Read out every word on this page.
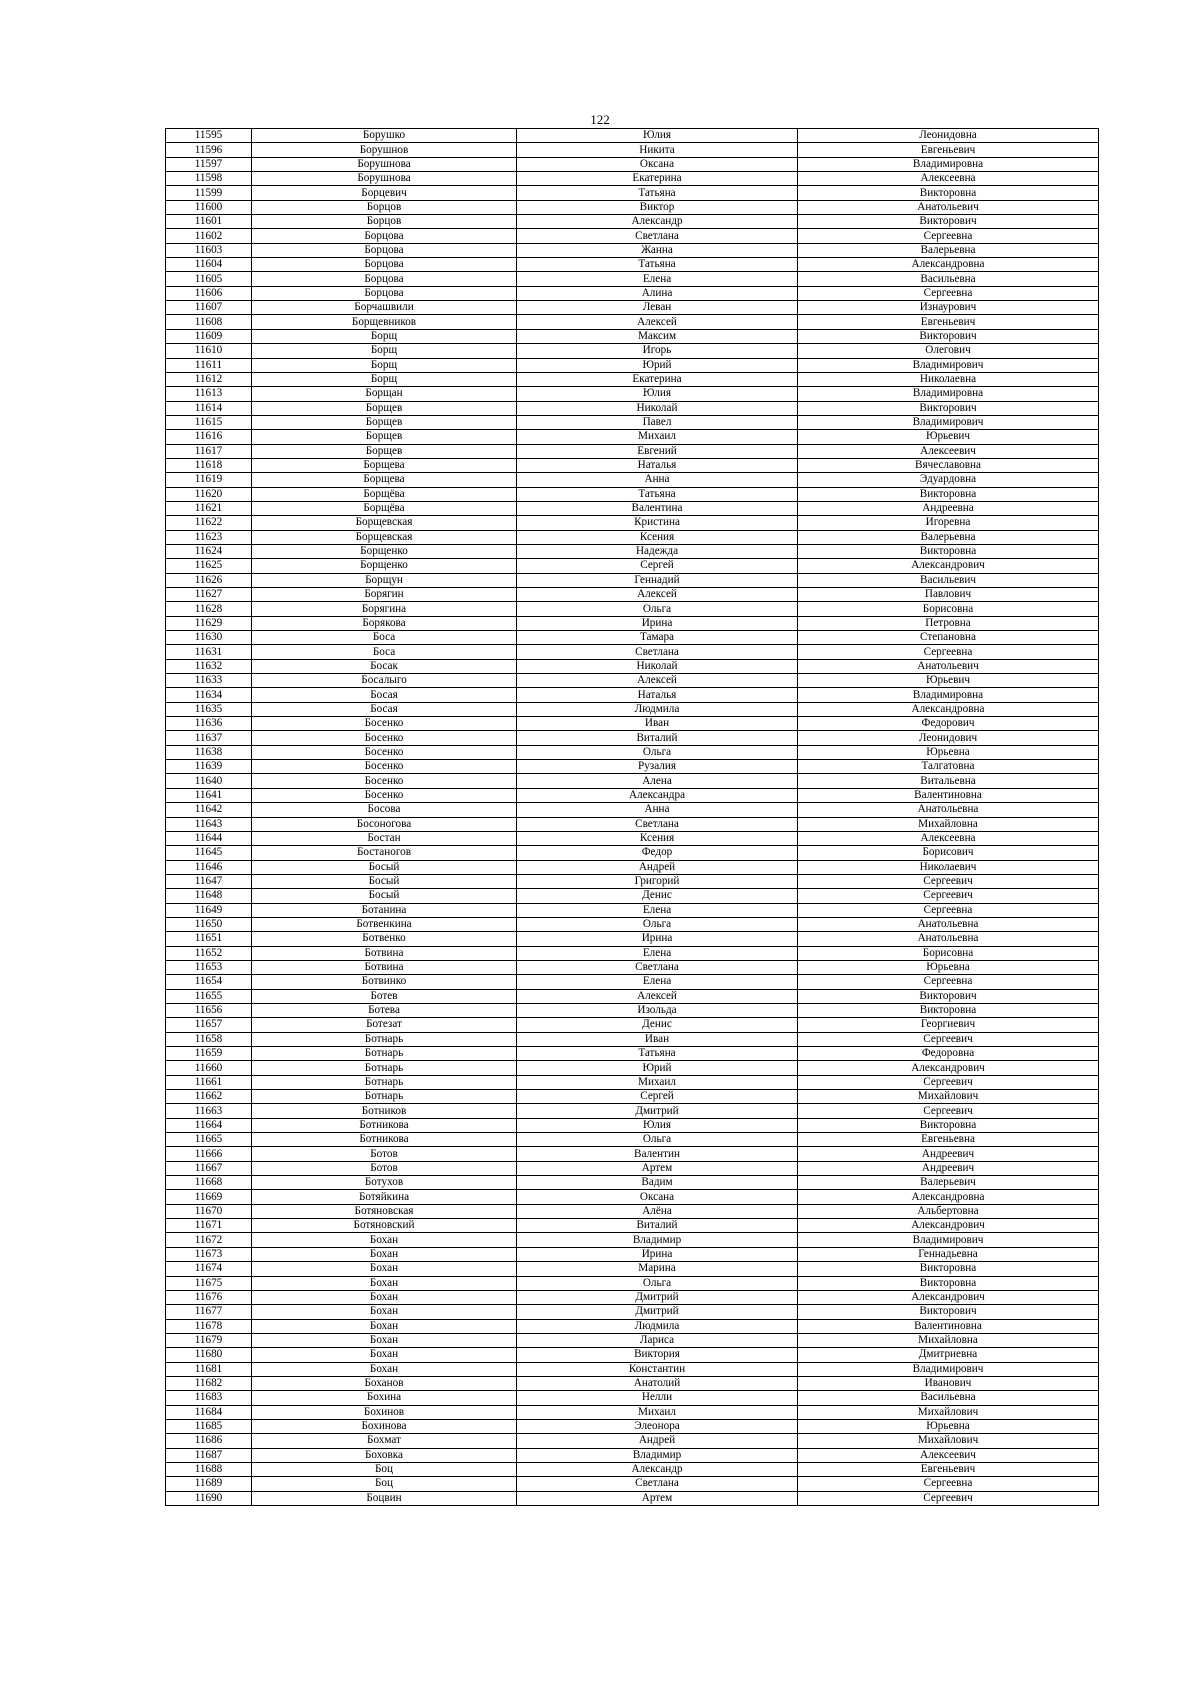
122
11595	Борушко	Юлия	Леонидовна
11596	Борушнов	Никита	Евгеньевич
11597	Борушнова	Оксана	Владимировна
11598	Борушнова	Екатерина	Алексеевна
11599	Борцевич	Татьяна	Викторовна
11600	Борцов	Виктор	Анатольевич
11601	Борцов	Александр	Викторович
11602	Борцова	Светлана	Сергеевна
11603	Борцова	Жанна	Валерьевна
11604	Борцова	Татьяна	Александровна
11605	Борцова	Елена	Васильевна
11606	Борцова	Алина	Сергеевна
11607	Борчашвили	Леван	Изнаурович
11608	Борщевников	Алексей	Евгеньевич
11609	Борщ	Максим	Викторович
11610	Борщ	Игорь	Олегович
11611	Борщ	Юрий	Владимирович
11612	Борщ	Екатерина	Николаевна
11613	Борщан	Юлия	Владимировна
11614	Борщев	Николай	Викторович
11615	Борщев	Павел	Владимирович
11616	Борщев	Михаил	Юрьевич
11617	Борщев	Евгений	Алексеевич
11618	Борщева	Наталья	Вячеславовна
11619	Борщева	Анна	Эдуардовна
11620	Борщёва	Татьяна	Викторовна
11621	Борщёва	Валентина	Андреевна
11622	Борщевская	Кристина	Игоревна
11623	Борщевская	Ксения	Валерьевна
11624	Борщенко	Надежда	Викторовна
11625	Борщенко	Сергей	Александрович
11626	Борщун	Геннадий	Васильевич
11627	Борягин	Алексей	Павлович
11628	Борягина	Ольга	Борисовна
11629	Борякова	Ирина	Петровна
11630	Боса	Тамара	Степановна
11631	Боса	Светлана	Сергеевна
11632	Босак	Николай	Анатольевич
11633	Босалыго	Алексей	Юрьевич
11634	Босая	Наталья	Владимировна
11635	Босая	Людмила	Александровна
11636	Босенко	Иван	Федорович
11637	Босенко	Виталий	Леонидович
11638	Босенко	Ольга	Юрьевна
11639	Босенко	Рузалия	Талгатовна
11640	Босенко	Алена	Витальевна
11641	Босенко	Александра	Валентиновна
11642	Босова	Анна	Анатольевна
11643	Босоногова	Светлана	Михайловна
11644	Бостан	Ксения	Алексеевна
11645	Бостаногов	Федор	Борисович
11646	Босый	Андрей	Николаевич
11647	Босый	Григорий	Сергеевич
11648	Босый	Денис	Сергеевич
11649	Ботанина	Елена	Сергеевна
11650	Ботвенкина	Ольга	Анатольевна
11651	Ботвенко	Ирина	Анатольевна
11652	Ботвина	Елена	Борисовна
11653	Ботвина	Светлана	Юрьевна
11654	Ботвинко	Елена	Сергеевна
11655	Ботев	Алексей	Викторович
11656	Ботева	Изольда	Викторовна
11657	Ботезат	Денис	Георгиевич
11658	Ботнарь	Иван	Сергеевич
11659	Ботнарь	Татьяна	Федоровна
11660	Ботнарь	Юрий	Александрович
11661	Ботнарь	Михаил	Сергеевич
11662	Ботнарь	Сергей	Михайлович
11663	Ботников	Дмитрий	Сергеевич
11664	Ботникова	Юлия	Викторовна
11665	Ботникова	Ольга	Евгеньевна
11666	Ботов	Валентин	Андреевич
11667	Ботов	Артем	Андреевич
11668	Ботухов	Вадим	Валерьевич
11669	Ботяйкина	Оксана	Александровна
11670	Ботяновская	Алёна	Альбертовна
11671	Ботяновский	Виталий	Александрович
11672	Бохан	Владимир	Владимирович
11673	Бохан	Ирина	Геннадьевна
11674	Бохан	Марина	Викторовна
11675	Бохан	Ольга	Викторовна
11676	Бохан	Дмитрий	Александрович
11677	Бохан	Дмитрий	Викторович
11678	Бохан	Людмила	Валентиновна
11679	Бохан	Лариса	Михайловна
11680	Бохан	Виктория	Дмитриевна
11681	Бохан	Константин	Владимирович
11682	Боханов	Анатолий	Иванович
11683	Бохина	Нелли	Васильевна
11684	Бохинов	Михаил	Михайлович
11685	Бохинова	Элеонора	Юрьевна
11686	Бохмат	Андрей	Михайлович
11687	Боховка	Владимир	Алексеевич
11688	Боц	Александр	Евгеньевич
11689	Боц	Светлана	Сергеевна
11690	Боцвин	Артем	Сергеевич
